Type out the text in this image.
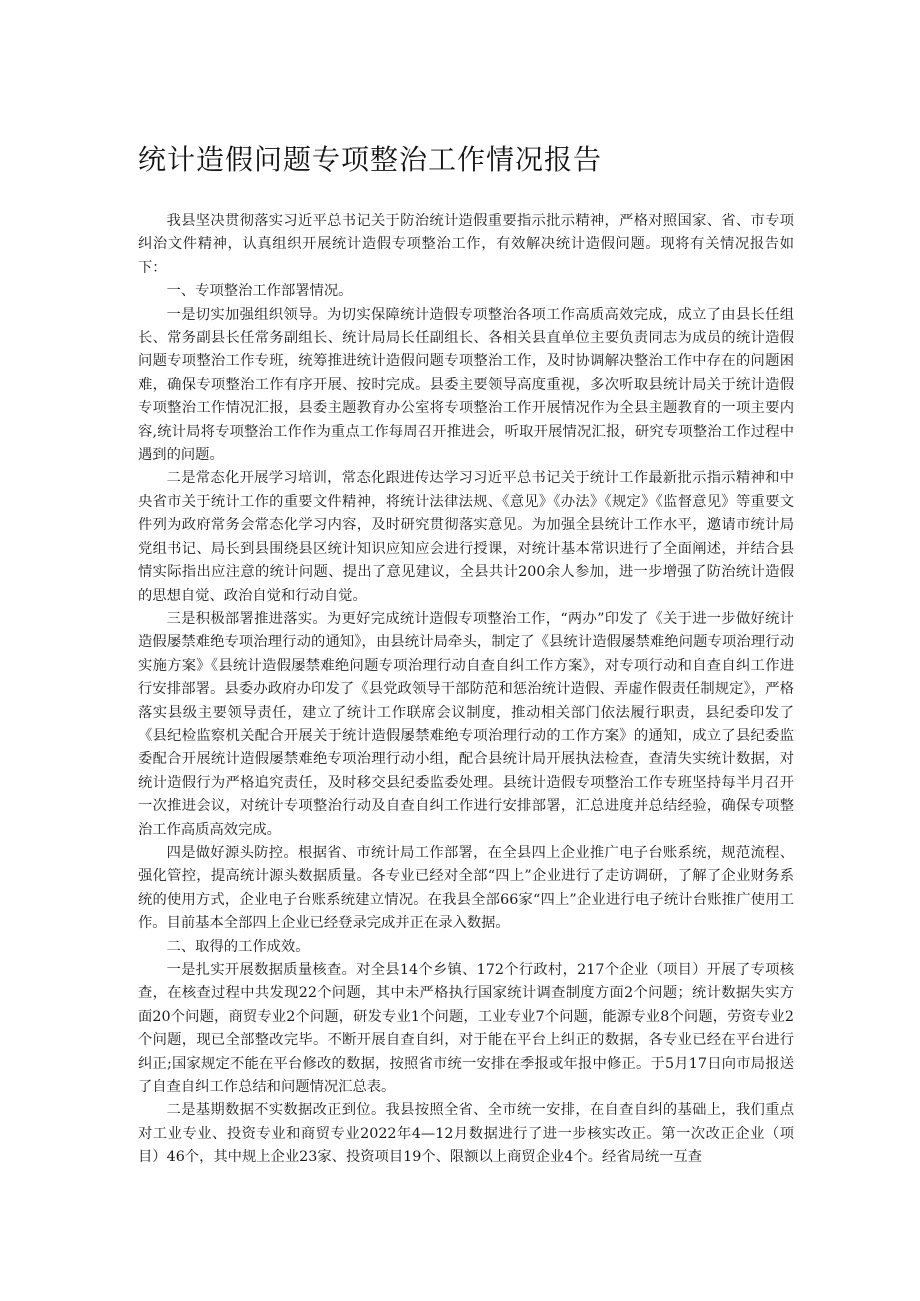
统计造假问题专项整治工作情况报告

我县坚决贯彻落实习近平总书记关于防治统计造假重要指示批示精神，严格对照国家、省、市专项纠治文件精神，认真组织开展统计造假专项整治工作，有效解决统计造假问题。现将有关情况报告如下：

一、专项整治工作部署情况。

一是切实加强组织领导。为切实保障统计造假专项整治各项工作高质高效完成，成立了由县长任组长、常务副县长任常务副组长、统计局局长任副组长、各相关县直单位主要负责同志为成员的统计造假问题专项整治工作专班，统筹推进统计造假问题专项整治工作，及时协调解决整治工作中存在的问题困难，确保专项整治工作有序开展、按时完成。县委主要领导高度重视，多次听取县统计局关于统计造假专项整治工作情况汇报，县委主题教育办公室将专项整治工作开展情况作为全县主题教育的一项主要内容,统计局将专项整治工作作为重点工作每周召开推进会，听取开展情况汇报，研究专项整治工作过程中遇到的问题。

二是常态化开展学习培训，常态化跟进传达学习习近平总书记关于统计工作最新批示指示精神和中央省市关于统计工作的重要文件精神，将统计法律法规、《意见》《办法》《规定》《监督意见》等重要文件列为政府常务会常态化学习内容，及时研究贯彻落实意见。为加强全县统计工作水平，邀请市统计局党组书记、局长到县围绕县区统计知识应知应会进行授课，对统计基本常识进行了全面阐述，并结合县情实际指出应注意的统计问题、提出了意见建议，全县共计200余人参加，进一步增强了防治统计造假的思想自觉、政治自觉和行动自觉。

三是积极部署推进落实。为更好完成统计造假专项整治工作，“两办”印发了《关于进一步做好统计造假屡禁难绝专项治理行动的通知》，由县统计局牵头，制定了《县统计造假屡禁难绝问题专项治理行动实施方案》《县统计造假屡禁难绝问题专项治理行动自查自纠工作方案》，对专项行动和自查自纠工作进行安排部署。县委办政府办印发了《县党政领导干部防范和惩治统计造假、弄虚作假责任制规定》，严格落实县级主要领导责任，建立了统计工作联席会议制度，推动相关部门依法履行职责，县纪委印发了《县纪检监察机关配合开展关于统计造假屡禁难绝专项治理行动的工作方案》的通知，成立了县纪委监委配合开展统计造假屡禁难绝专项治理行动小组，配合县统计局开展执法检查，查清失实统计数据，对统计造假行为严格追究责任，及时移交县纪委监委处理。县统计造假专项整治工作专班坚持每半月召开一次推进会议，对统计专项整治行动及自查自纠工作进行安排部署，汇总进度并总结经验，确保专项整治工作高质高效完成。

四是做好源头防控。根据省、市统计局工作部署，在全县四上企业推广电子台账系统，规范流程、强化管控，提高统计源头数据质量。各专业已经对全部“四上”企业进行了走访调研，了解了企业财务系统的使用方式，企业电子台账系统建立情况。在我县全部66家“四上”企业进行电子统计台账推广使用工作。目前基本全部四上企业已经登录完成并正在录入数据。

二、取得的工作成效。

一是扎实开展数据质量核查。对全县14个乡镇、172个行政村，217个企业（项目）开展了专项核查，在核查过程中共发现22个问题，其中未严格执行国家统计调查制度方面2个问题；统计数据失实方面20个问题，商贸专业2个问题，研发专业1个问题，工业专业7个问题，能源专业8个问题，劳资专业2个问题，现已全部整改完毕。不断开展自查自纠，对于能在平台上纠正的数据，各专业已经在平台进行纠正;国家规定不能在平台修改的数据，按照省市统一安排在季报或年报中修正。于5月17日向市局报送了自查自纠工作总结和问题情况汇总表。

二是基期数据不实数据改正到位。我县按照全省、全市统一安排，在自查自纠的基础上，我们重点对工业专业、投资专业和商贸专业2022年4—12月数据进行了进一步核实改正。第一次改正企业（项目）46个，其中规上企业23家、投资项目19个、限额以上商贸企业4个。经省局统一互查
